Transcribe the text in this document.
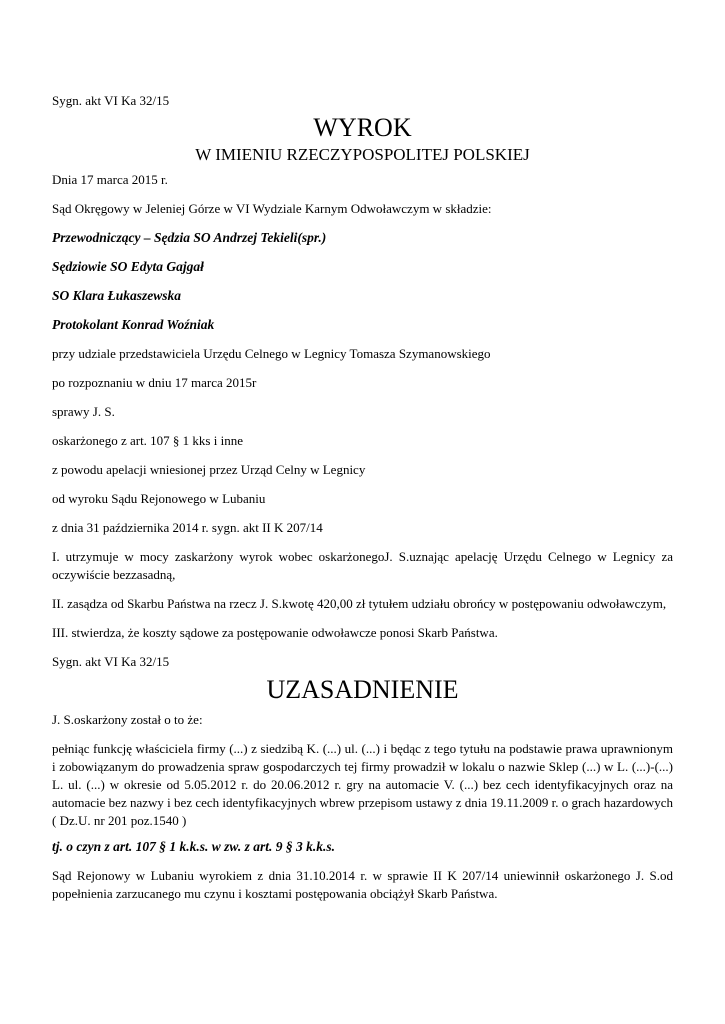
Sygn. akt VI Ka 32/15

WYROK

W IMIENIU RZECZYPOSPOLITEJ POLSKIEJ

Dnia 17 marca 2015 r.

Sąd Okręgowy w Jeleniej Górze w VI Wydziale Karnym Odwoławczym w składzie:

Przewodniczący – Sędzia SO Andrzej Tekieli(spr.)

Sędziowie SO Edyta Gajgał

SO Klara Łukaszewska

Protokolant Konrad Woźniak

przy udziale przedstawiciela Urzędu Celnego w Legnicy Tomasza Szymanowskiego

po rozpoznaniu w dniu 17 marca 2015r

sprawy J. S.

oskarżonego z art. 107 § 1 kks i inne

z powodu apelacji wniesionej przez Urząd Celny w Legnicy

od wyroku Sądu Rejonowego w Lubaniu

z dnia 31 października 2014 r. sygn. akt II K 207/14

I. utrzymuje w mocy zaskarżony wyrok wobec oskarżonegoJ. S.uznając apelację Urzędu Celnego w Legnicy za oczywiście bezzasadną,

II. zasądza od Skarbu Państwa na rzecz J. S.kwotę 420,00 zł tytułem udziału obrońcy w postępowaniu odwoławczym,

III. stwierdza, że koszty sądowe za postępowanie odwoławcze ponosi Skarb Państwa.

Sygn. akt VI Ka 32/15

UZASADNIENIE

J. S.oskarżony został o to że:

pełniąc funkcję właściciela firmy (...) z siedzibą K. (...) ul. (...) i będąc z tego tytułu na podstawie prawa uprawnionym i zobowiązanym do prowadzenia spraw gospodarczych tej firmy prowadził w lokalu o nazwie Sklep (...) w L. (...)-(...) L. ul. (...) w okresie od 5.05.2012 r. do 20.06.2012 r. gry na automacie V. (...) bez cech identyfikacyjnych oraz na automacie bez nazwy i bez cech identyfikacyjnych wbrew przepisom ustawy z dnia 19.11.2009 r. o grach hazardowych ( Dz.U. nr 201 poz.1540 )

tj. o czyn z art. 107 § 1 k.k.s. w zw. z art. 9 § 3 k.k.s.

Sąd Rejonowy w Lubaniu wyrokiem z dnia 31.10.2014 r. w sprawie II K 207/14 uniewinnił oskarżonego J. S.od popełnienia zarzucanego mu czynu i kosztami postępowania obciążył Skarb Państwa.
